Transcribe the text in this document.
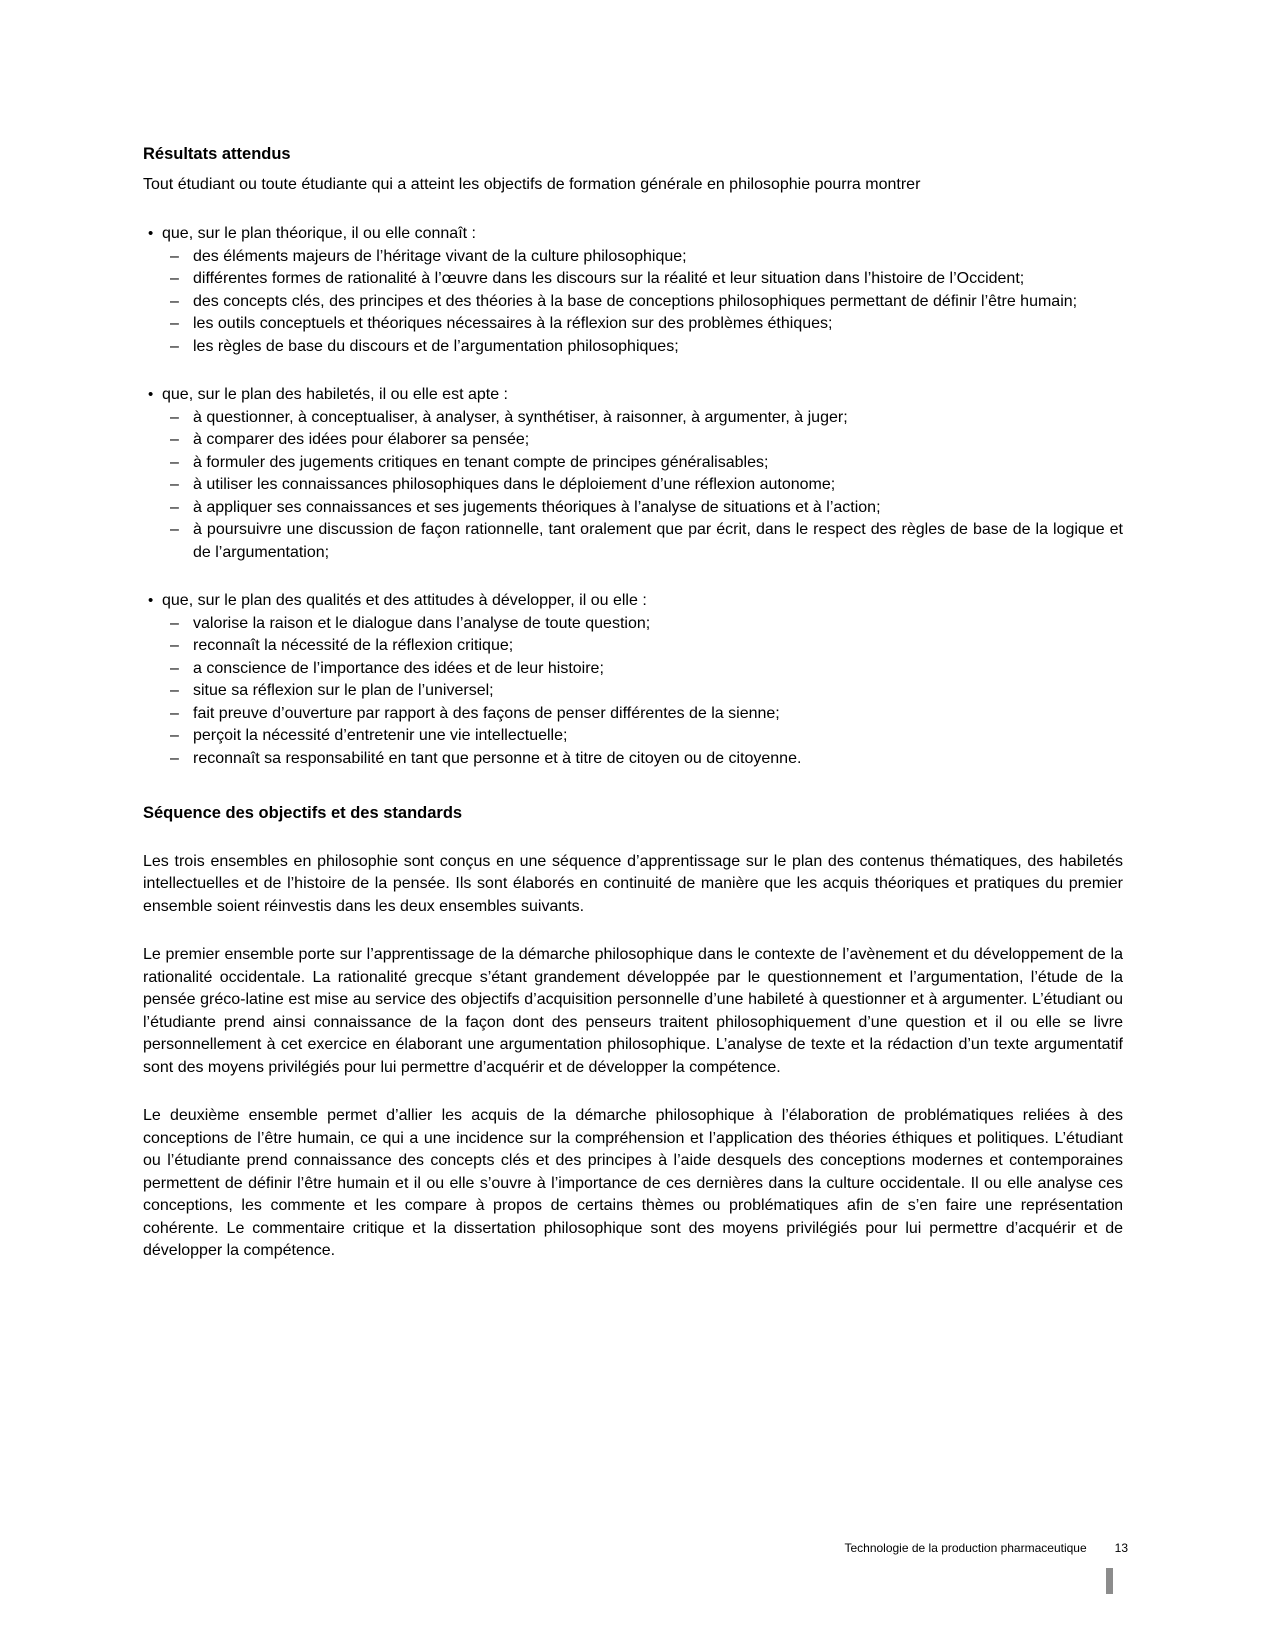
Résultats attendus

Tout étudiant ou toute étudiante qui a atteint les objectifs de formation générale en philosophie pourra montrer

• que, sur le plan théorique, il ou elle connaît :
– des éléments majeurs de l’héritage vivant de la culture philosophique;
– différentes formes de rationalité à l’œuvre dans les discours sur la réalité et leur situation dans l’histoire de l’Occident;
– des concepts clés, des principes et des théories à la base de conceptions philosophiques permettant de définir l’être humain;
– les outils conceptuels et théoriques nécessaires à la réflexion sur des problèmes éthiques;
– les règles de base du discours et de l’argumentation philosophiques;
• que, sur le plan des habiletés, il ou elle est apte :
– à questionner, à conceptualiser, à analyser, à synthétiser, à raisonner, à argumenter, à juger;
– à comparer des idées pour élaborer sa pensée;
– à formuler des jugements critiques en tenant compte de principes généralisables;
– à utiliser les connaissances philosophiques dans le déploiement d’une réflexion autonome;
– à appliquer ses connaissances et ses jugements théoriques à l’analyse de situations et à l’action;
– à poursuivre une discussion de façon rationnelle, tant oralement que par écrit, dans le respect des règles de base de la logique et de l’argumentation;
• que, sur le plan des qualités et des attitudes à développer, il ou elle :
– valorise la raison et le dialogue dans l’analyse de toute question;
– reconnaît la nécessité de la réflexion critique;
– a conscience de l’importance des idées et de leur histoire;
– situe sa réflexion sur le plan de l’universel;
– fait preuve d’ouverture par rapport à des façons de penser différentes de la sienne;
– perçoit la nécessité d’entretenir une vie intellectuelle;
– reconnaît sa responsabilité en tant que personne et à titre de citoyen ou de citoyenne.
Séquence des objectifs et des standards

Les trois ensembles en philosophie sont conçus en une séquence d’apprentissage sur le plan des contenus thématiques, des habiletés intellectuelles et de l’histoire de la pensée. Ils sont élaborés en continuité de manière que les acquis théoriques et pratiques du premier ensemble soient réinvestis dans les deux ensembles suivants.

Le premier ensemble porte sur l’apprentissage de la démarche philosophique dans le contexte de l’avènement et du développement de la rationalité occidentale. La rationalité grecque s’étant grandement développée par le questionnement et l’argumentation, l’étude de la pensée gréco-latine est mise au service des objectifs d’acquisition personnelle d’une habileté à questionner et à argumenter. L’étudiant ou l’étudiante prend ainsi connaissance de la façon dont des penseurs traitent philosophiquement d’une question et il ou elle se livre personnellement à cet exercice en élaborant une argumentation philosophique. L’analyse de texte et la rédaction d’un texte argumentatif sont des moyens privilégiés pour lui permettre d’acquérir et de développer la compétence.

Le deuxième ensemble permet d’allier les acquis de la démarche philosophique à l’élaboration de problématiques reliées à des conceptions de l’être humain, ce qui a une incidence sur la compréhension et l’application des théories éthiques et politiques. L’étudiant ou l’étudiante prend connaissance des concepts clés et des principes à l’aide desquels des conceptions modernes et contemporaines permettent de définir l’être humain et il ou elle s’ouvre à l’importance de ces dernières dans la culture occidentale. Il ou elle analyse ces conceptions, les commente et les compare à propos de certains thèmes ou problématiques afin de s’en faire une représentation cohérente. Le commentaire critique et la dissertation philosophique sont des moyens privilégiés pour lui permettre d’acquérir et de développer la compétence.

Technologie de la production pharmaceutique 13
